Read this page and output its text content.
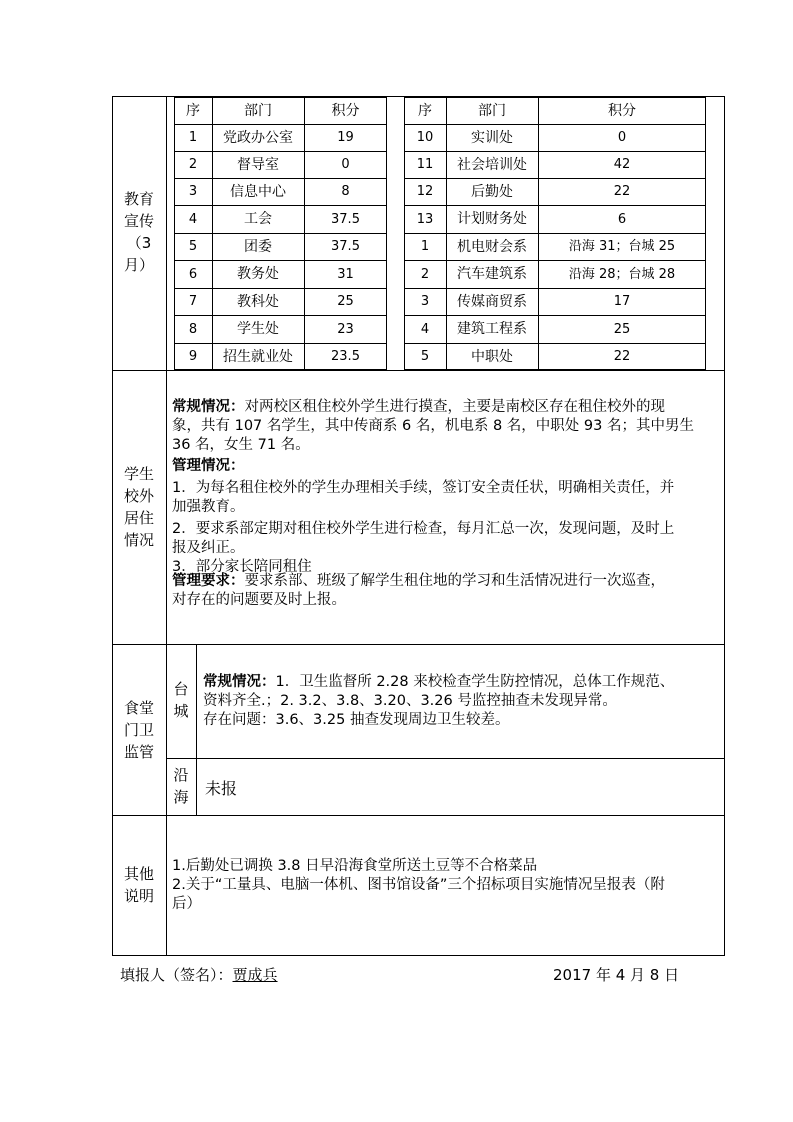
教育
宣传
（3
月）
序	部门	积分
1	党政办公室	19
2	督导室	0
3	信息中心	8
4	工会	37.5
5	团委	37.5
6	教务处	31
7	教科处	25
8	学生处	23
9	招生就业处	23.5
序	部门	积分
10	实训处	0
11	社会培训处	42
12	后勤处	22
13	计划财务处	6
1	机电财会系	沿海 31；台城 25
2	汽车建筑系	沿海 28；台城 28
3	传媒商贸系	17
4	建筑工程系	25
5	中职处	22
学生
校外
居住
情况
常规情况：对两校区租住校外学生进行摸查，主要是南校区存在租住校外的现
象，共有 107 名学生，其中传商系 6 名，机电系 8 名，中职处 93 名；其中男生
36 名，女生 71 名。
管理情况：
1．为每名租住校外的学生办理相关手续，签订安全责任状，明确相关责任，并
加强教育。
2．要求系部定期对租住校外学生进行检查，每月汇总一次，发现问题，及时上
报及纠正。
3．部分家长陪同租住
管理要求：要求系部、班级了解学生租住地的学习和生活情况进行一次巡查，
对存在的问题要及时上报。
食堂
门卫
监管
台
城
常规情况：1．卫生监督所 2.28 来校检查学生防控情况，总体工作规范、
资料齐全.；2. 3.2、3.8、3.20、3.26 号监控抽查未发现异常。
存在问题：3.6、3.25 抽查发现周边卫生较差。
沿
海	未报
其他
说明
1.后勤处已调换 3.8 日早沿海食堂所送土豆等不合格菜品
2.关于“工量具、电脑一体机、图书馆设备”三个招标项目实施情况呈报表（附
后）
填报人（签名）：贾成兵	2017 年 4 月 8 日
